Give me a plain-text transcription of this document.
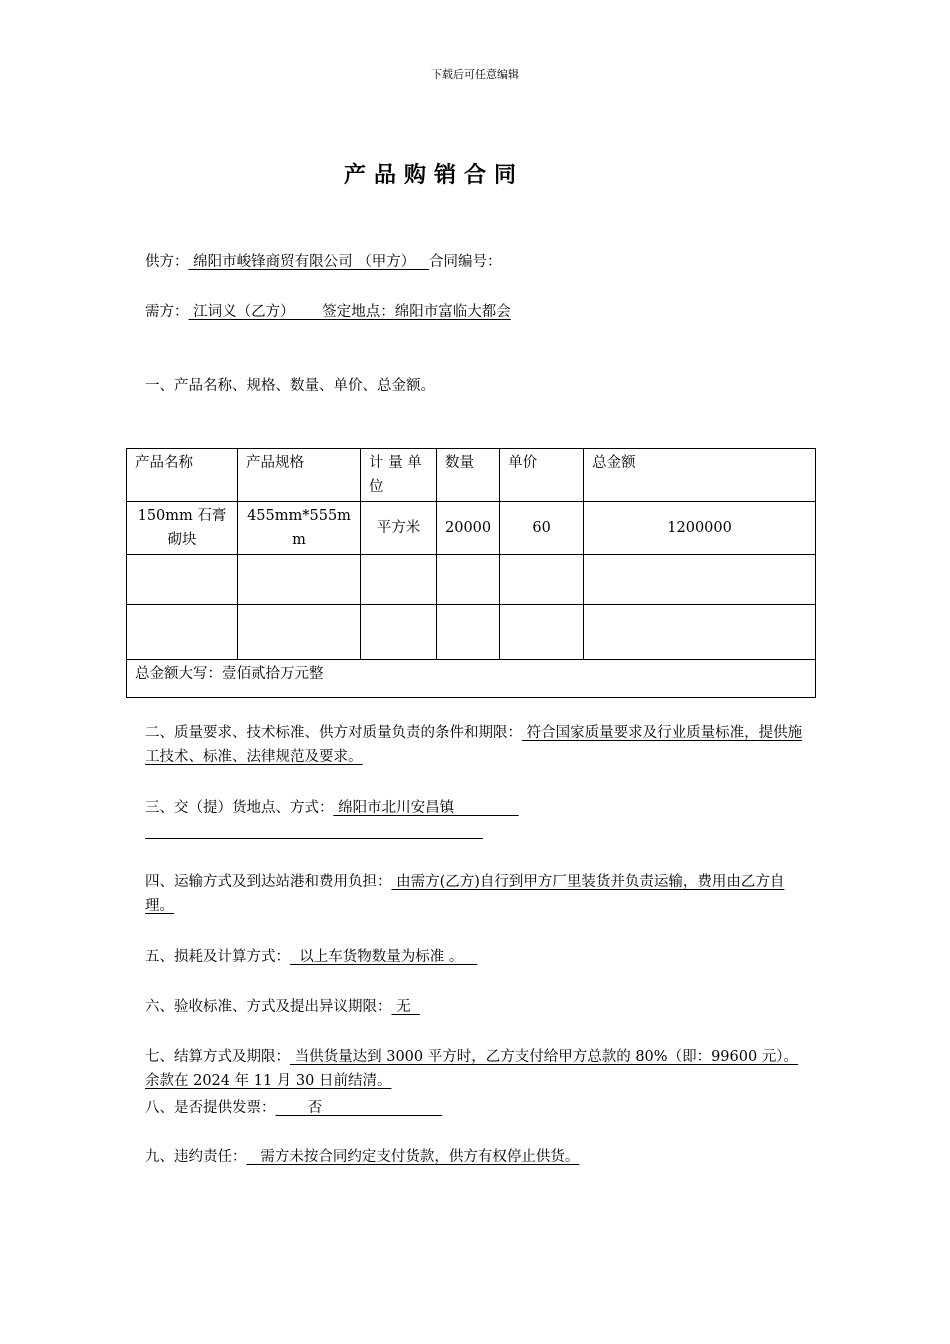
下载后可任意编辑
产品购销合同
供方： 绵阳市峻锋商贸有限公司 （甲方）   合同编号：
需方： 江词义（乙方）      签定地点：绵阳市富临大都会
一、产品名称、规格、数量、单价、总金额。
产品名称	产品规格	计 量 单位	数量	单价	总金额
150mm 石膏砌块	455mm*555mm	平方米	20000	60	1200000

总金额大写：壹佰贰拾万元整					
二、质量要求、技术标准、供方对质量负责的条件和期限： 符合国家质量要求及行业质量标准，提供施工技术、标准、法律规范及要求。
三、交（提）货地点、方式： 绵阳市北川安昌镇
四、运输方式及到达站港和费用负担： 由需方(乙方)自行到甲方厂里装货并负责运输，费用由乙方自理。
五、损耗及计算方式：  以上车货物数量为标准 。
六、验收标准、方式及提出异议期限： 无
七、结算方式及期限： 当供货量达到 3000 平方时，乙方支付给甲方总款的 80%（即：99600 元）。余款在 2024 年 11 月 30 日前结清。
八、是否提供发票：       否
九、违约责任：   需方未按合同约定支付货款，供方有权停止供货。
